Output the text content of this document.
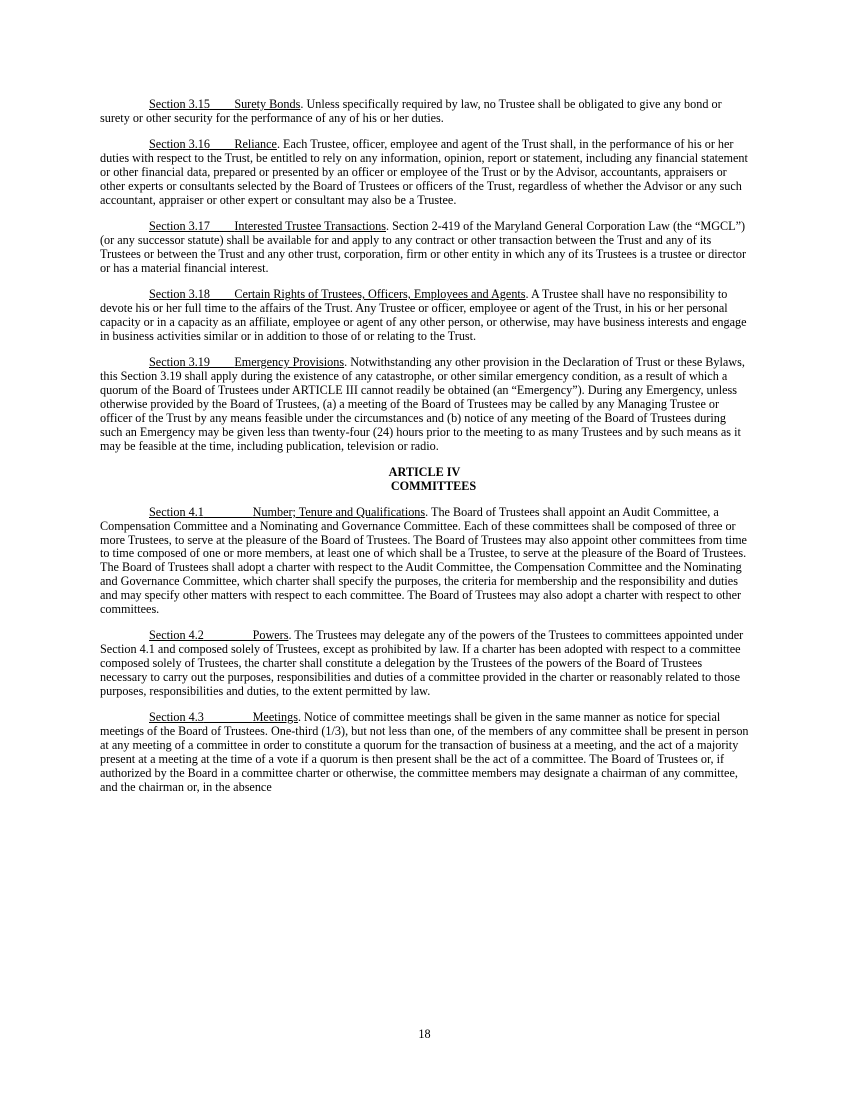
Section 3.15 Surety Bonds. Unless specifically required by law, no Trustee shall be obligated to give any bond or surety or other security for the performance of any of his or her duties.

Section 3.16 Reliance. Each Trustee, officer, employee and agent of the Trust shall, in the performance of his or her duties with respect to the Trust, be entitled to rely on any information, opinion, report or statement, including any financial statement or other financial data, prepared or presented by an officer or employee of the Trust or by the Advisor, accountants, appraisers or other experts or consultants selected by the Board of Trustees or officers of the Trust, regardless of whether the Advisor or any such accountant, appraiser or other expert or consultant may also be a Trustee.

Section 3.17 Interested Trustee Transactions. Section 2-419 of the Maryland General Corporation Law (the “MGCL”) (or any successor statute) shall be available for and apply to any contract or other transaction between the Trust and any of its Trustees or between the Trust and any other trust, corporation, firm or other entity in which any of its Trustees is a trustee or director or has a material financial interest.

Section 3.18 Certain Rights of Trustees, Officers, Employees and Agents. A Trustee shall have no responsibility to devote his or her full time to the affairs of the Trust. Any Trustee or officer, employee or agent of the Trust, in his or her personal capacity or in a capacity as an affiliate, employee or agent of any other person, or otherwise, may have business interests and engage in business activities similar or in addition to those of or relating to the Trust.

Section 3.19 Emergency Provisions. Notwithstanding any other provision in the Declaration of Trust or these Bylaws, this Section 3.19 shall apply during the existence of any catastrophe, or other similar emergency condition, as a result of which a quorum of the Board of Trustees under ARTICLE III cannot readily be obtained (an “Emergency”). During any Emergency, unless otherwise provided by the Board of Trustees, (a) a meeting of the Board of Trustees may be called by any Managing Trustee or officer of the Trust by any means feasible under the circumstances and (b) notice of any meeting of the Board of Trustees during such an Emergency may be given less than twenty-four (24) hours prior to the meeting to as many Trustees and by such means as it may be feasible at the time, including publication, television or radio.

ARTICLE IV
COMMITTEES

Section 4.1	Number; Tenure and Qualifications. The Board of Trustees shall appoint an Audit Committee, a Compensation Committee and a Nominating and Governance Committee. Each of these committees shall be composed of three or more Trustees, to serve at the pleasure of the Board of Trustees. The Board of Trustees may also appoint other committees from time to time composed of one or more members, at least one of which shall be a Trustee, to serve at the pleasure of the Board of Trustees. The Board of Trustees shall adopt a charter with respect to the Audit Committee, the Compensation Committee and the Nominating and Governance Committee, which charter shall specify the purposes, the criteria for membership and the responsibility and duties and may specify other matters with respect to each committee. The Board of Trustees may also adopt a charter with respect to other committees.

Section 4.2	Powers. The Trustees may delegate any of the powers of the Trustees to committees appointed under Section 4.1 and composed solely of Trustees, except as prohibited by law. If a charter has been adopted with respect to a committee composed solely of Trustees, the charter shall constitute a delegation by the Trustees of the powers of the Board of Trustees necessary to carry out the purposes, responsibilities and duties of a committee provided in the charter or reasonably related to those purposes, responsibilities and duties, to the extent permitted by law.

Section 4.3	Meetings. Notice of committee meetings shall be given in the same manner as notice for special meetings of the Board of Trustees. One-third (1/3), but not less than one, of the members of any committee shall be present in person at any meeting of a committee in order to constitute a quorum for the transaction of business at a meeting, and the act of a majority present at a meeting at the time of a vote if a quorum is then present shall be the act of a committee. The Board of Trustees or, if authorized by the Board in a committee charter or otherwise, the committee members may designate a chairman of any committee, and the chairman or, in the absence

18
